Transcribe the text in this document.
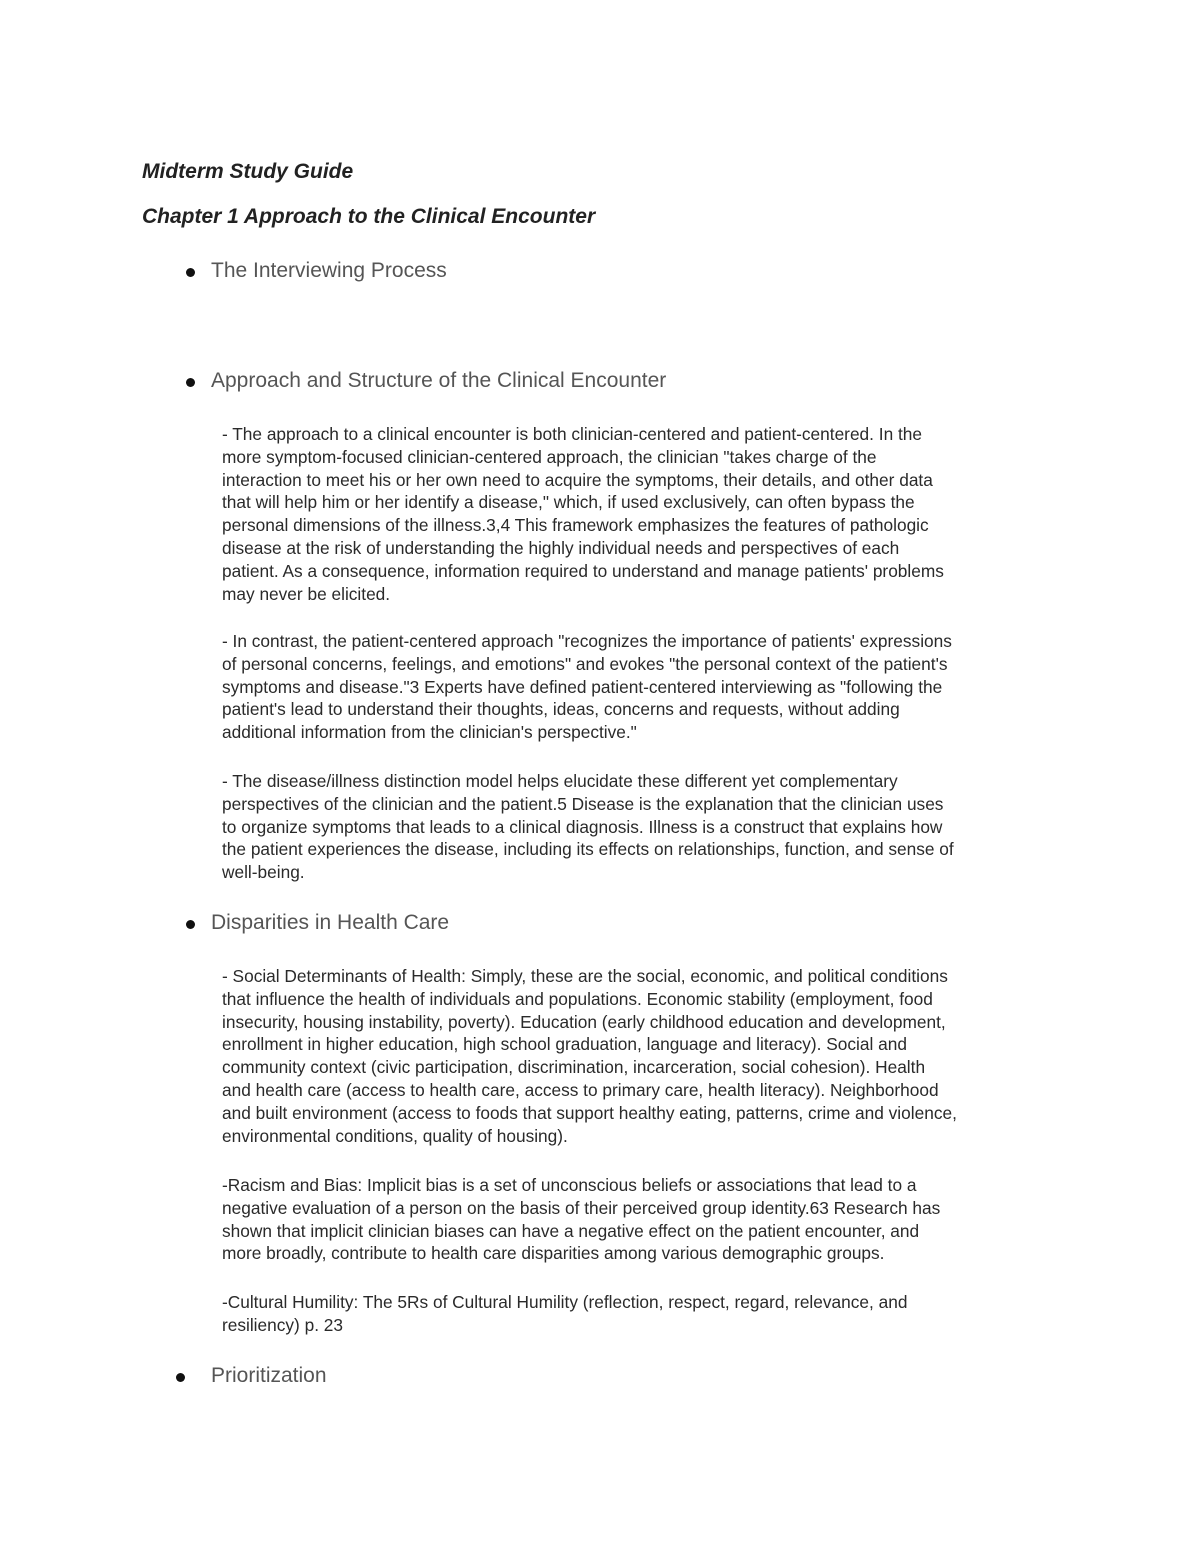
Midterm Study Guide
Chapter 1 Approach to the Clinical Encounter
The Interviewing Process
Approach and Structure of the Clinical Encounter

- The approach to a clinical encounter is both clinician-centered and patient-centered. In the
more symptom-focused clinician-centered approach, the clinician "takes charge of the
interaction to meet his or her own need to acquire the symptoms, their details, and other data
that will help him or her identify a disease," which, if used exclusively, can often bypass the
personal dimensions of the illness.3,4 This framework emphasizes the features of pathologic
disease at the risk of understanding the highly individual needs and perspectives of each
patient. As a consequence, information required to understand and manage patients' problems
may never be elicited.

- In contrast, the patient-centered approach "recognizes the importance of patients' expressions
of personal concerns, feelings, and emotions" and evokes "the personal context of the patient's
symptoms and disease."3 Experts have defined patient-centered interviewing as "following the
patient's lead to understand their thoughts, ideas, concerns and requests, without adding
additional information from the clinician's perspective."

- The disease/illness distinction model helps elucidate these different yet complementary
perspectives of the clinician and the patient.5 Disease is the explanation that the clinician uses
to organize symptoms that leads to a clinical diagnosis. Illness is a construct that explains how
the patient experiences the disease, including its effects on relationships, function, and sense of
well-being.

Disparities in Health Care

- Social Determinants of Health: Simply, these are the social, economic, and political conditions
that influence the health of individuals and populations. Economic stability (employment, food
insecurity, housing instability, poverty). Education (early childhood education and development,
enrollment in higher education, high school graduation, language and literacy). Social and
community context (civic participation, discrimination, incarceration, social cohesion). Health
and health care (access to health care, access to primary care, health literacy). Neighborhood
and built environment (access to foods that support healthy eating, patterns, crime and violence,
environmental conditions, quality of housing).

-Racism and Bias: Implicit bias is a set of unconscious beliefs or associations that lead to a
negative evaluation of a person on the basis of their perceived group identity.63 Research has
shown that implicit clinician biases can have a negative effect on the patient encounter, and
more broadly, contribute to health care disparities among various demographic groups.

-Cultural Humility: The 5Rs of Cultural Humility (reflection, respect, regard, relevance, and
resiliency) p. 23

Prioritization
